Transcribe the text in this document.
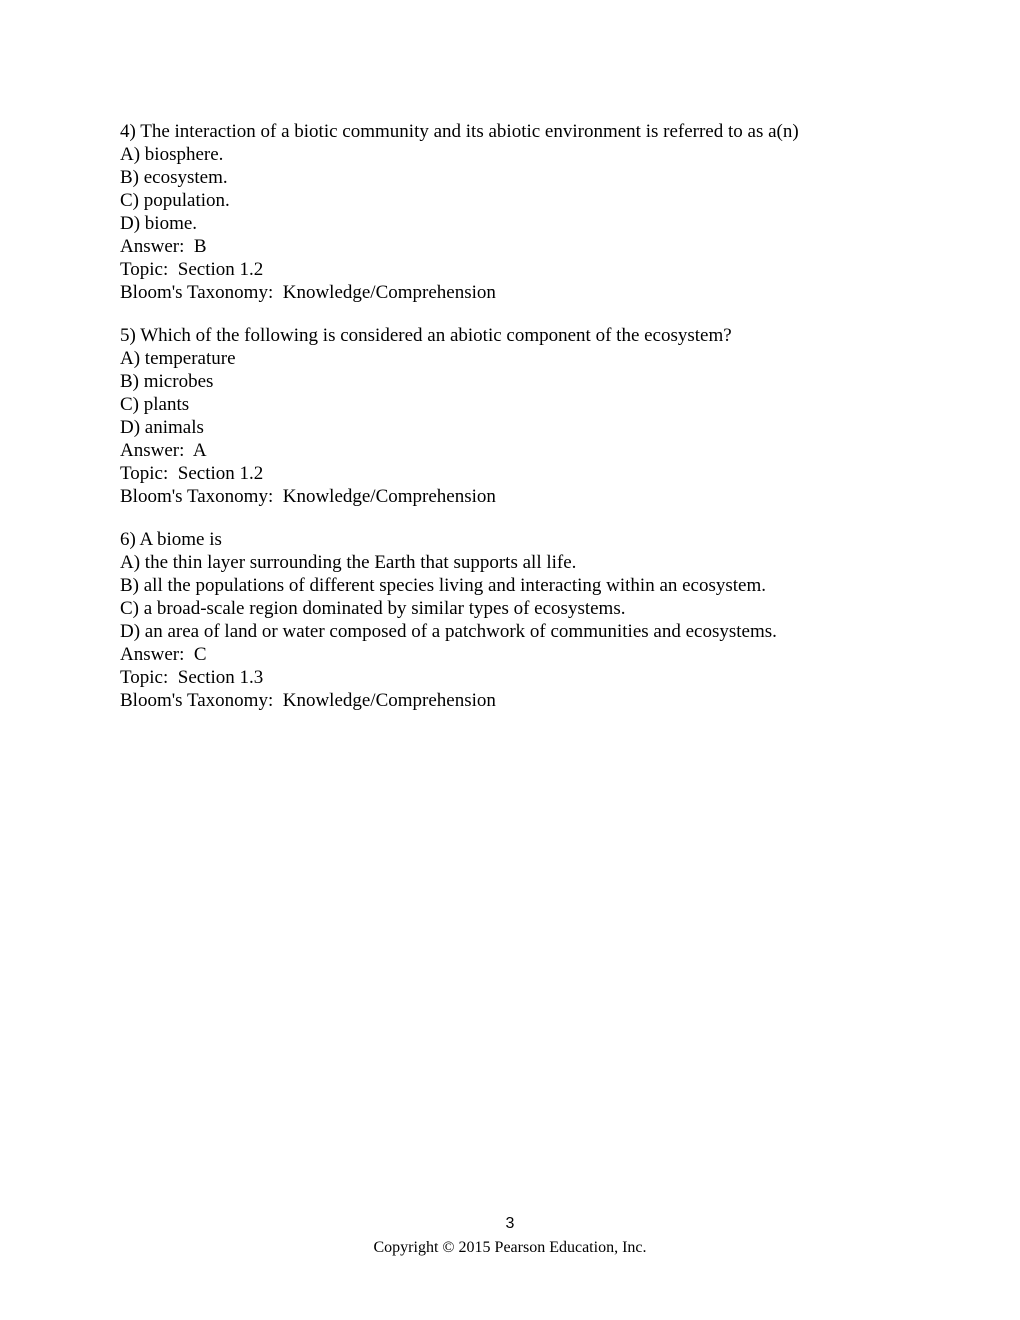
4) The interaction of a biotic community and its abiotic environment is referred to as a(n)
A) biosphere.
B) ecosystem.
C) population.
D) biome.
Answer:  B
Topic:  Section 1.2
Bloom's Taxonomy:  Knowledge/Comprehension
5) Which of the following is considered an abiotic component of the ecosystem?
A) temperature
B) microbes
C) plants
D) animals
Answer:  A
Topic:  Section 1.2
Bloom's Taxonomy:  Knowledge/Comprehension
6) A biome is
A) the thin layer surrounding the Earth that supports all life.
B) all the populations of different species living and interacting within an ecosystem.
C) a broad-scale region dominated by similar types of ecosystems.
D) an area of land or water composed of a patchwork of communities and ecosystems.
Answer:  C
Topic:  Section 1.3
Bloom's Taxonomy:  Knowledge/Comprehension
3
Copyright © 2015 Pearson Education, Inc.
